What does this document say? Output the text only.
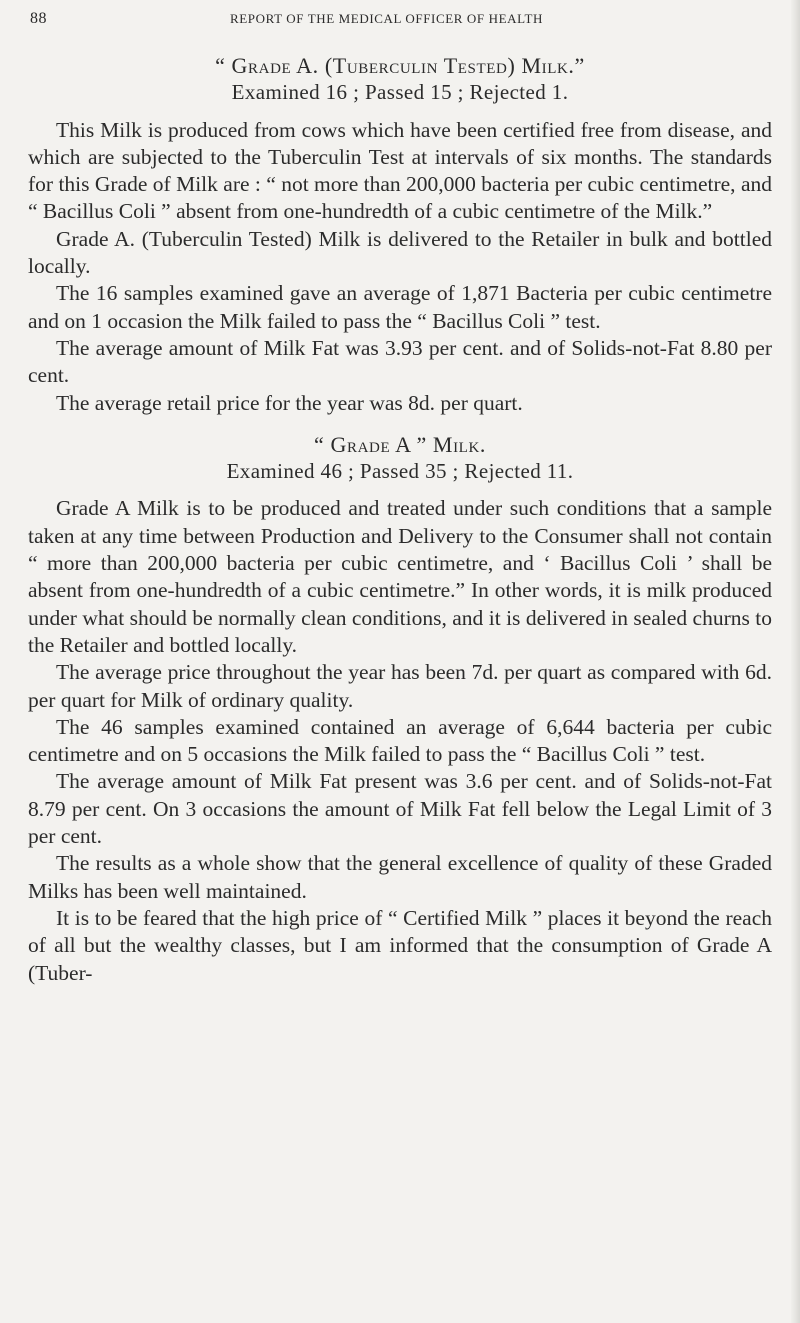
88	REPORT OF THE MEDICAL OFFICER OF HEALTH
“ Grade A. (Tuberculin Tested) Milk.”
Examined 16 ; Passed 15 ; Rejected 1.

This Milk is produced from cows which have been certified free from disease, and which are subjected to the Tuberculin Test at intervals of six months. The standards for this Grade of Milk are : “ not more than 200,000 bacteria per cubic centimetre, and “ Bacillus Coli ” absent from one-hundredth of a cubic centimetre of the Milk.”

Grade A. (Tuberculin Tested) Milk is delivered to the Retailer in bulk and bottled locally.

The 16 samples examined gave an average of 1,871 Bacteria per cubic centimetre and on 1 occasion the Milk failed to pass the “ Bacillus Coli ” test.

The average amount of Milk Fat was 3.93 per cent. and of Solids-not-Fat 8.80 per cent.

The average retail price for the year was 8d. per quart.

“ Grade A ” Milk.
Examined 46 ; Passed 35 ; Rejected 11.

Grade A Milk is to be produced and treated under such conditions that a sample taken at any time between Production and Delivery to the Consumer shall not contain “ more than 200,000 bacteria per cubic centimetre, and ‘ Bacillus Coli ’ shall be absent from one-hundredth of a cubic centimetre.” In other words, it is milk produced under what should be normally clean conditions, and it is delivered in sealed churns to the Retailer and bottled locally.

The average price throughout the year has been 7d. per quart as compared with 6d. per quart for Milk of ordinary quality.

The 46 samples examined contained an average of 6,644 bacteria per cubic centimetre and on 5 occasions the Milk failed to pass the “ Bacillus Coli ” test.

The average amount of Milk Fat present was 3.6 per cent. and of Solids-not-Fat 8.79 per cent. On 3 occasions the amount of Milk Fat fell below the Legal Limit of 3 per cent.

The results as a whole show that the general excellence of quality of these Graded Milks has been well maintained.

It is to be feared that the high price of “ Certified Milk ” places it beyond the reach of all but the wealthy classes, but I am informed that the consumption of Grade A (Tuber-
